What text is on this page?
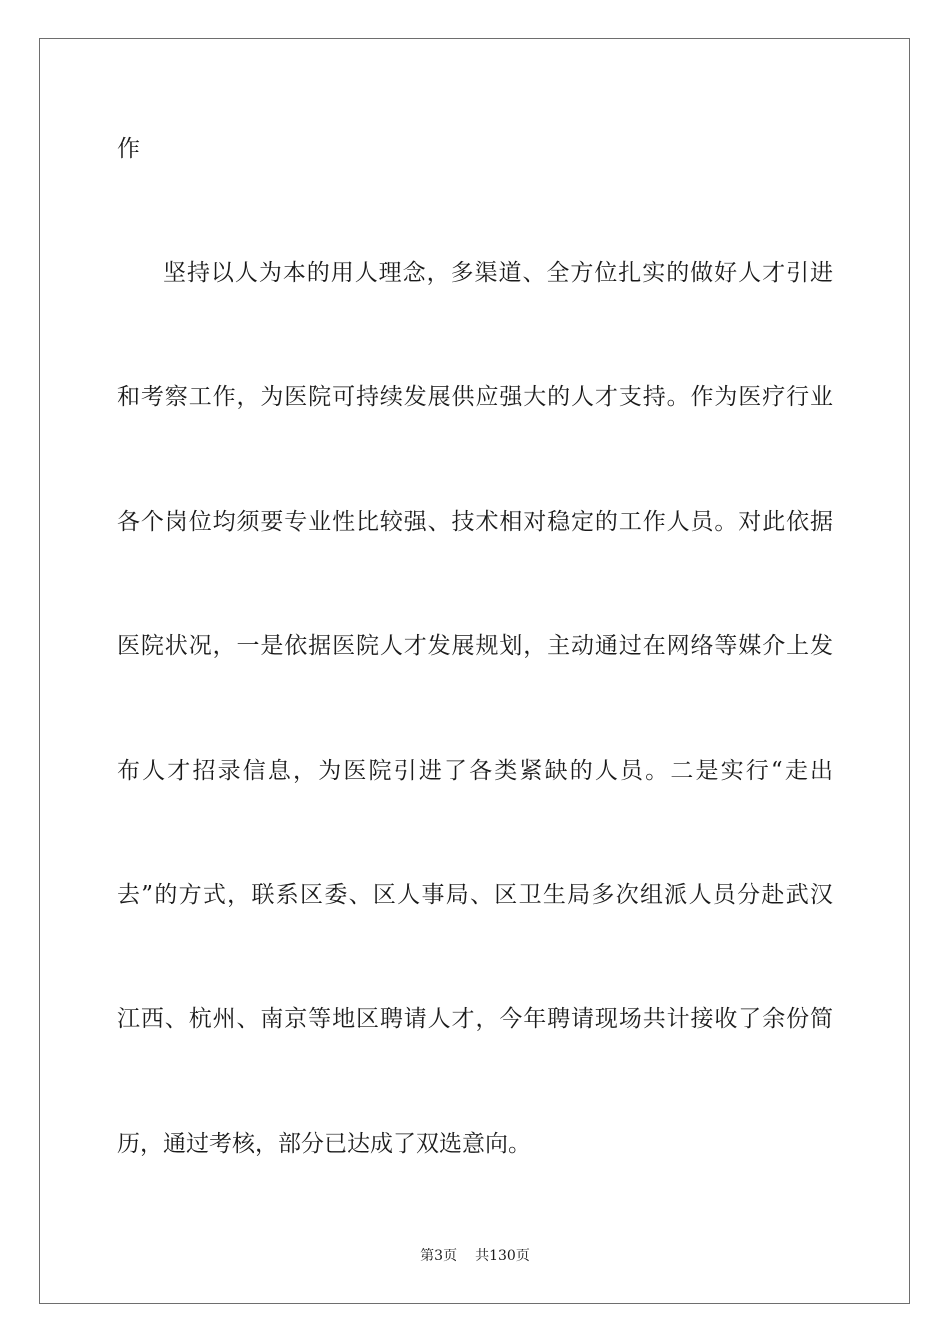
作
坚持以人为本的用人理念，多渠道、全方位扎实的做好人才引进
和考察工作，为医院可持续发展供应强大的人才支持。作为医疗行业
各个岗位均须要专业性比较强、技术相对稳定的工作人员。对此依据
医院状况，一是依据医院人才发展规划，主动通过在网络等媒介上发
布人才招录信息，为医院引进了各类紧缺的人员。二是实行“走出
去”的方式，联系区委、区人事局、区卫生局多次组派人员分赴武汉
江西、杭州、南京等地区聘请人才，今年聘请现场共计接收了余份简
历，通过考核，部分已达成了双选意向。
第3页 共130页
